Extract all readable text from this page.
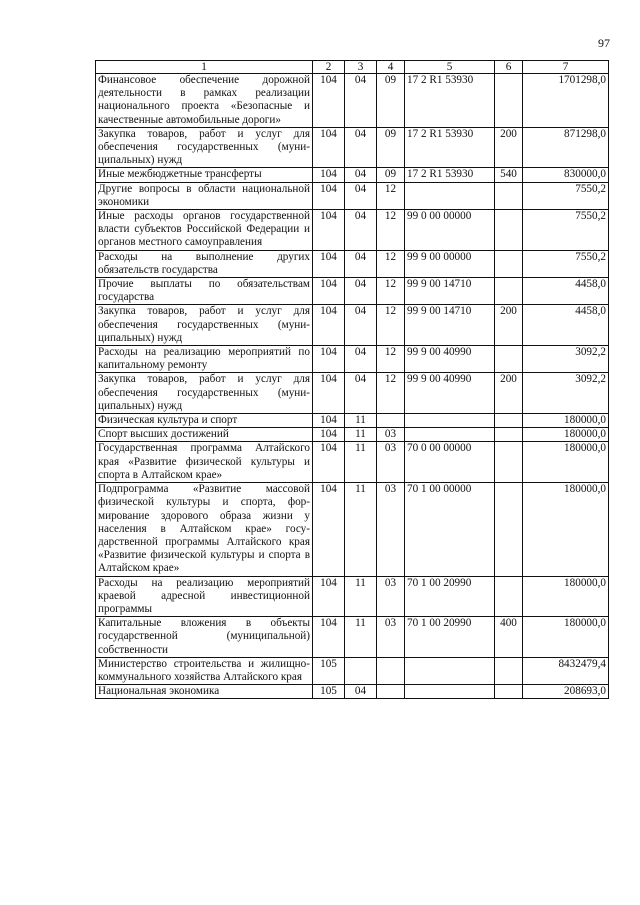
97
1	2	3	4	5	6	7
Финансовое обеспечение дорожной деятельности в рамках реализации национального проекта «Безопасные и качественные автомобильные дороги»	104	04	09	17 2 R1 53930		1701298,0
Закупка товаров, работ и услуг для обеспечения государственных (муниципальных) нужд	104	04	09	17 2 R1 53930	200	871298,0
Иные межбюджетные трансферты	104	04	09	17 2 R1 53930	540	830000,0
Другие вопросы в области национальной экономики	104	04	12			7550,2
Иные расходы органов государственной власти субъектов Российской Федерации и органов местного самоуправления	104	04	12	99 0 00 00000		7550,2
Расходы на выполнение других обязательств государства	104	04	12	99 9 00 00000		7550,2
Прочие выплаты по обязательствам государства	104	04	12	99 9 00 14710		4458,0
Закупка товаров, работ и услуг для обеспечения государственных (муниципальных) нужд	104	04	12	99 9 00 14710	200	4458,0
Расходы на реализацию мероприятий по капитальному ремонту	104	04	12	99 9 00 40990		3092,2
Закупка товаров, работ и услуг для обеспечения государственных (муниципальных) нужд	104	04	12	99 9 00 40990	200	3092,2
Физическая культура и спорт	104	11				180000,0
Спорт высших достижений	104	11	03			180000,0
Государственная программа Алтайского края «Развитие физической культуры и спорта в Алтайском крае»	104	11	03	70 0 00 00000		180000,0
Подпрограмма «Развитие массовой физической культуры и спорта, формирование здорового образа жизни у населения в Алтайском крае» государственной программы Алтайского края «Развитие физической культуры и спорта в Алтайском крае»	104	11	03	70 1 00 00000		180000,0
Расходы на реализацию мероприятий краевой адресной инвестиционной программы	104	11	03	70 1 00 20990		180000,0
Капитальные вложения в объекты государственной (муниципальной) собственности	104	11	03	70 1 00 20990	400	180000,0
Министерство строительства и жилищно-коммунального хозяйства Алтайского края	105					8432479,4
Национальная экономика	105	04				208693,0
